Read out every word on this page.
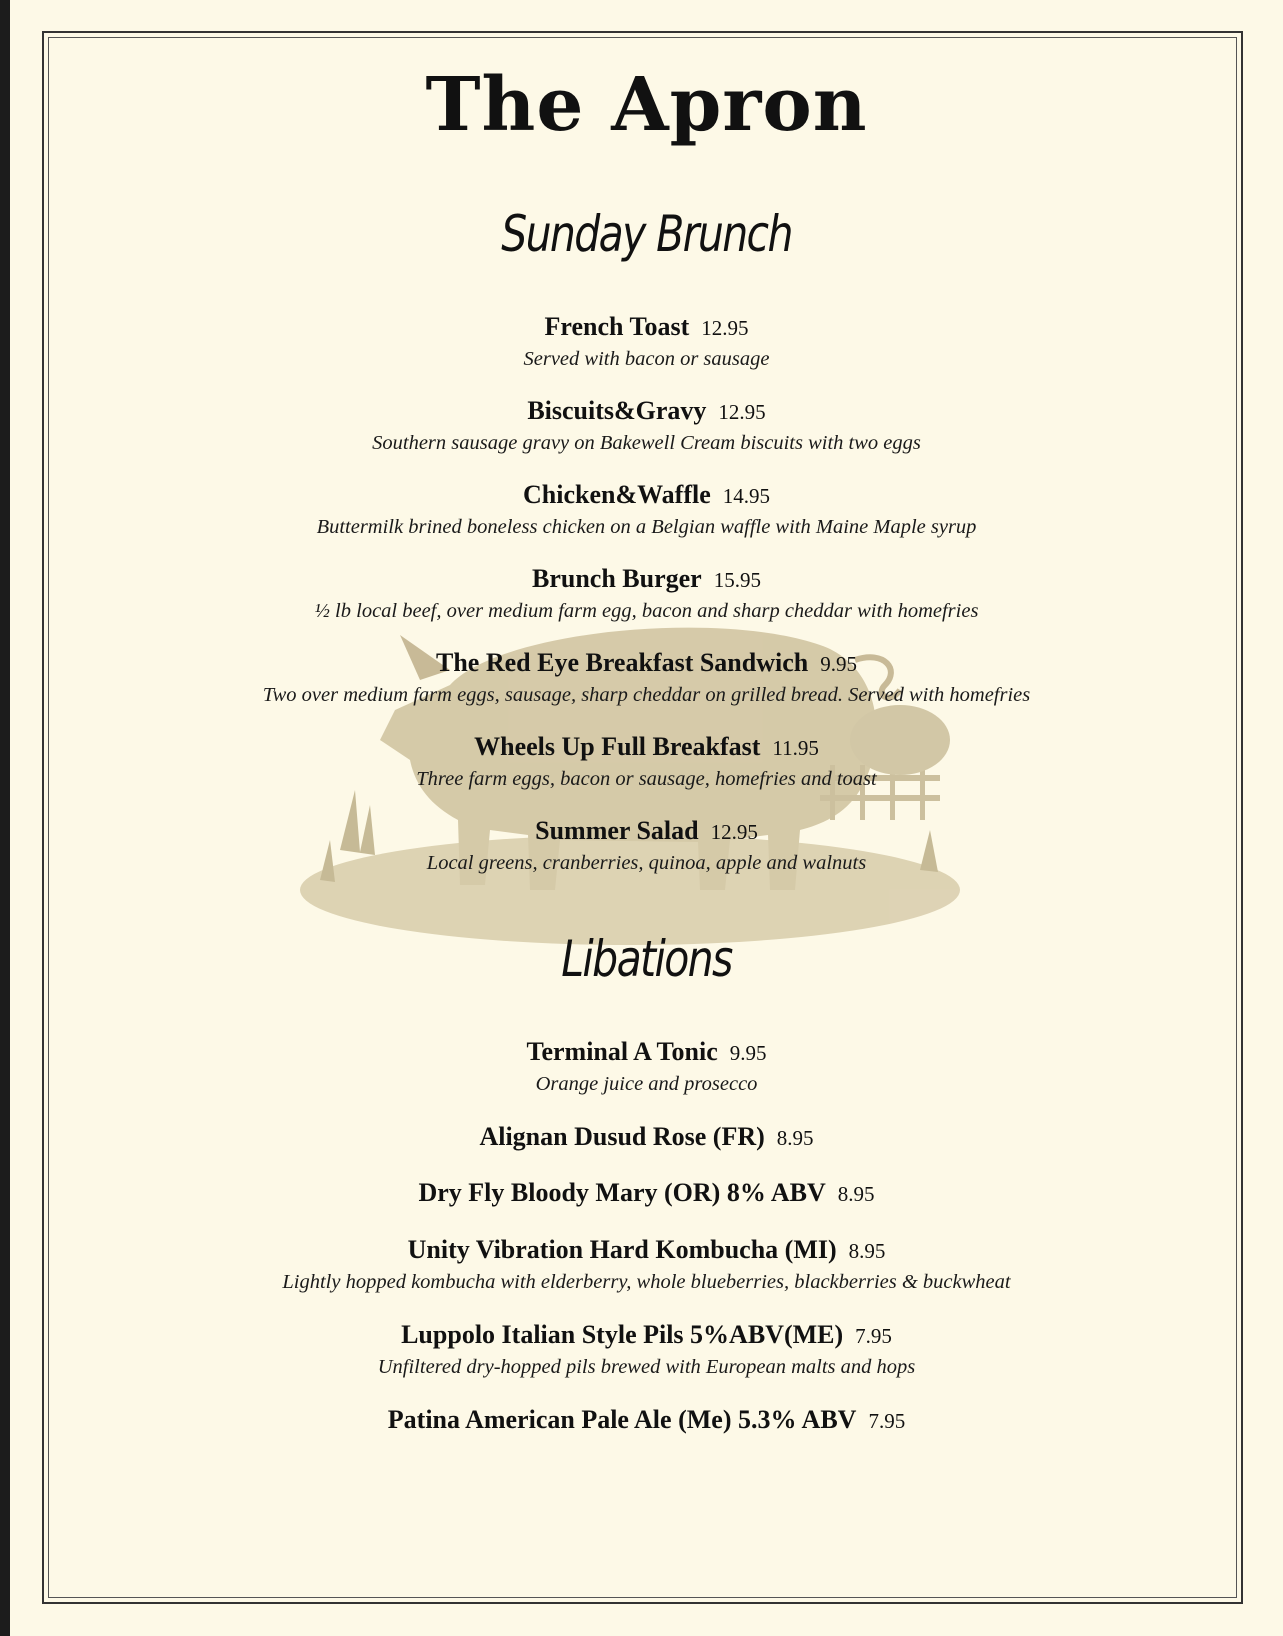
The Apron
Sunday Brunch
French Toast 12.95
Served with bacon or sausage
Biscuits&Gravy 12.95
Southern sausage gravy on Bakewell Cream biscuits with two eggs
Chicken&Waffle 14.95
Buttermilk brined boneless chicken on a Belgian waffle with Maine Maple syrup
Brunch Burger 15.95
½ lb local beef, over medium farm egg, bacon and sharp cheddar with homefries
The Red Eye Breakfast Sandwich 9.95
Two over medium farm eggs, sausage, sharp cheddar on grilled bread. Served with homefries
Wheels Up Full Breakfast 11.95
Three farm eggs, bacon or sausage, homefries and toast
Summer Salad 12.95
Local greens, cranberries, quinoa, apple and walnuts
Libations
Terminal A Tonic 9.95
Orange juice and prosecco
Alignan Dusud Rose (FR) 8.95
Dry Fly Bloody Mary (OR) 8% ABV 8.95
Unity Vibration Hard Kombucha (MI) 8.95
Lightly hopped kombucha with elderberry, whole blueberries, blackberries & buckwheat
Luppolo Italian Style Pils 5%ABV(ME) 7.95
Unfiltered dry-hopped pils brewed with European malts and hops
Patina American Pale Ale (Me) 5.3% ABV 7.95
